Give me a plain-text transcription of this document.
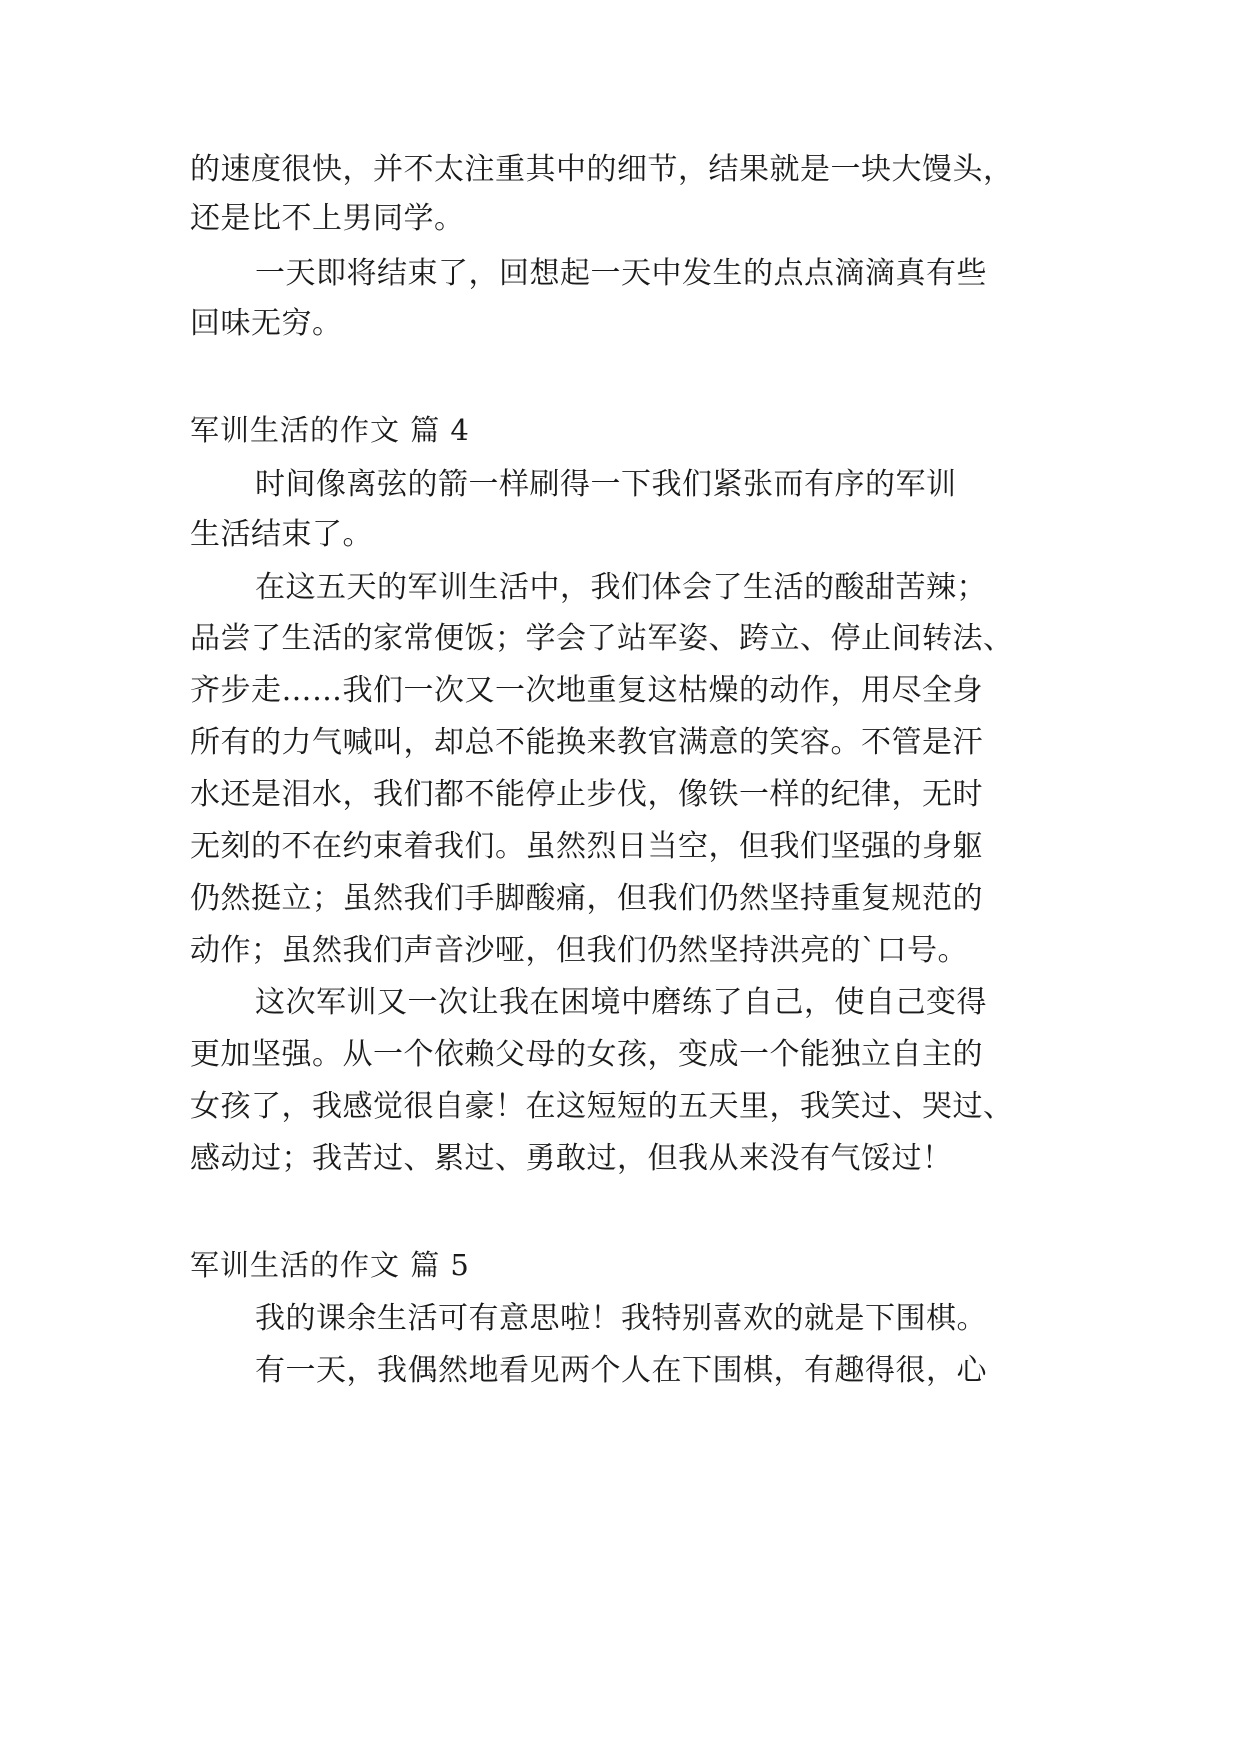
的速度很快，并不太注重其中的细节，结果就是一块大馒头，
还是比不上男同学。
一天即将结束了，回想起一天中发生的点点滴滴真有些
回味无穷。
军训生活的作文 篇 4
时间像离弦的箭一样刷得一下我们紧张而有序的军训
生活结束了。
在这五天的军训生活中，我们体会了生活的酸甜苦辣；
品尝了生活的家常便饭；学会了站军姿、跨立、停止间转法、
齐步走……我们一次又一次地重复这枯燥的动作，用尽全身
所有的力气喊叫，却总不能换来教官满意的笑容。不管是汗
水还是泪水，我们都不能停止步伐，像铁一样的纪律，无时
无刻的不在约束着我们。虽然烈日当空，但我们坚强的身躯
仍然挺立；虽然我们手脚酸痛，但我们仍然坚持重复规范的
动作；虽然我们声音沙哑，但我们仍然坚持洪亮的`口号。
这次军训又一次让我在困境中磨练了自己，使自己变得
更加坚强。从一个依赖父母的女孩，变成一个能独立自主的
女孩了，我感觉很自豪！在这短短的五天里，我笑过、哭过、
感动过；我苦过、累过、勇敢过，但我从来没有气馁过！
军训生活的作文 篇 5
我的课余生活可有意思啦！我特别喜欢的就是下围棋。
有一天，我偶然地看见两个人在下围棋，有趣得很，心
